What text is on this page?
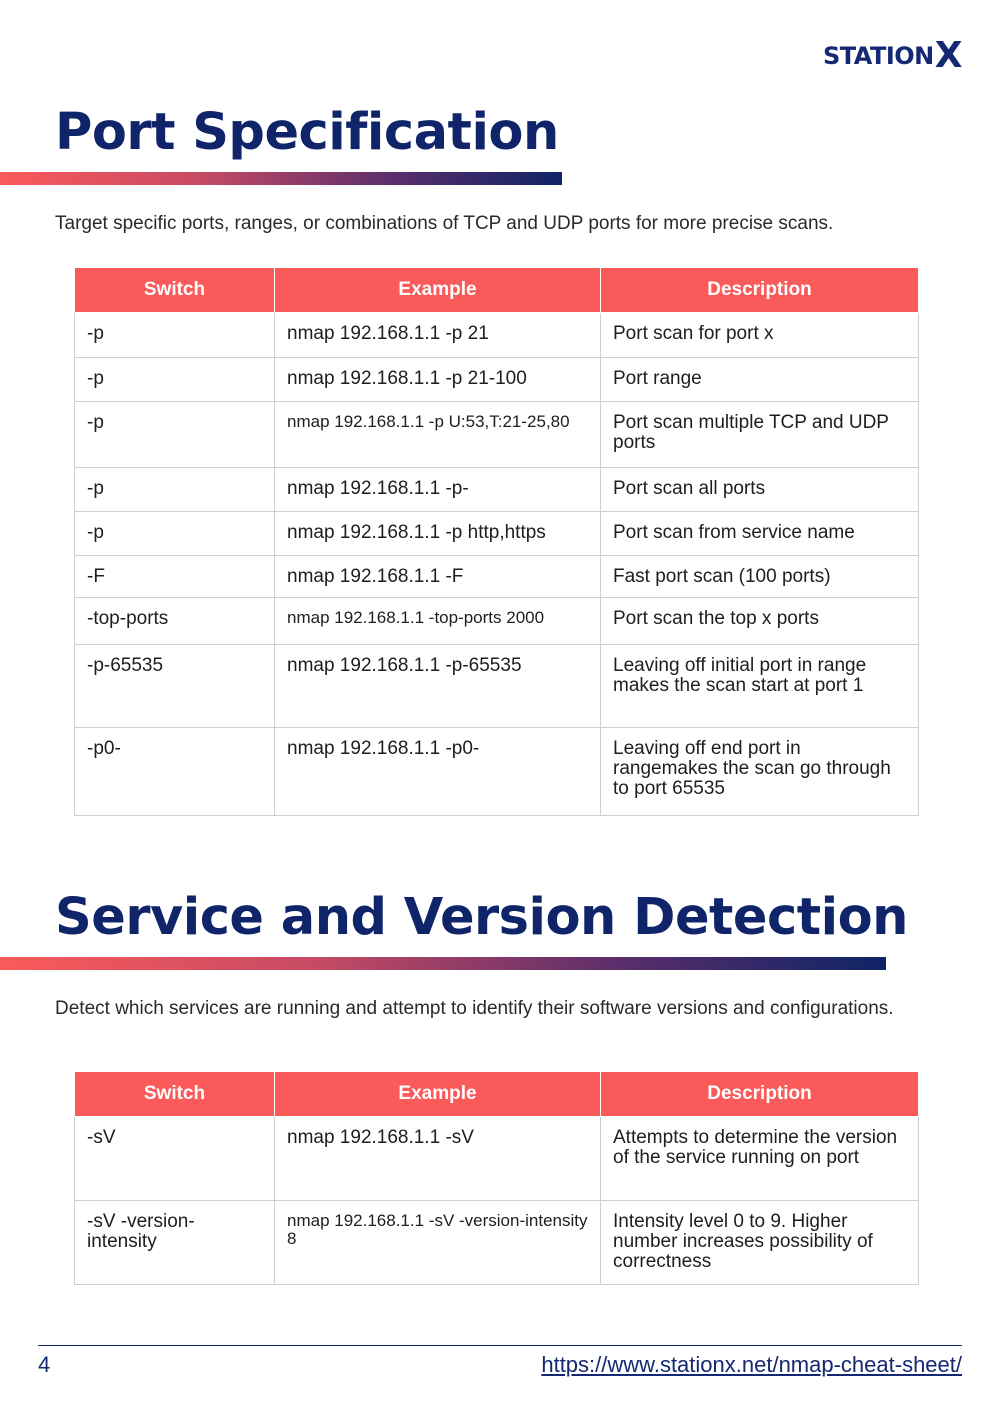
STATION X
Port Specification

Target specific ports, ranges, or combinations of TCP and UDP ports for more precise scans.

Switch	Example	Description
-p	nmap 192.168.1.1 -p 21	Port scan for port x
-p	nmap 192.168.1.1 -p 21-100	Port range
-p	nmap 192.168.1.1 -p U:53,T:21-25,80	Port scan multiple TCP and UDP ports
-p	nmap 192.168.1.1 -p-	Port scan all ports
-p	nmap 192.168.1.1 -p http,https	Port scan from service name
-F	nmap 192.168.1.1 -F	Fast port scan (100 ports)
-top-ports	nmap 192.168.1.1 -top-ports 2000	Port scan the top x ports
-p-65535	nmap 192.168.1.1 -p-65535	Leaving off initial port in range makes the scan start at port 1
-p0-	nmap 192.168.1.1 -p0-	Leaving off end port in rangemakes the scan go through to port 65535
Service and Version Detection

Detect which services are running and attempt to identify their software versions and configurations.

Switch	Example	Description
-sV	nmap 192.168.1.1 -sV	Attempts to determine the version of the service running on port
-sV -version-intensity	nmap 192.168.1.1 -sV -version-intensity 8	Intensity level 0 to 9. Higher number increases possibility of correctness
4	https://www.stationx.net/nmap-cheat-sheet/
